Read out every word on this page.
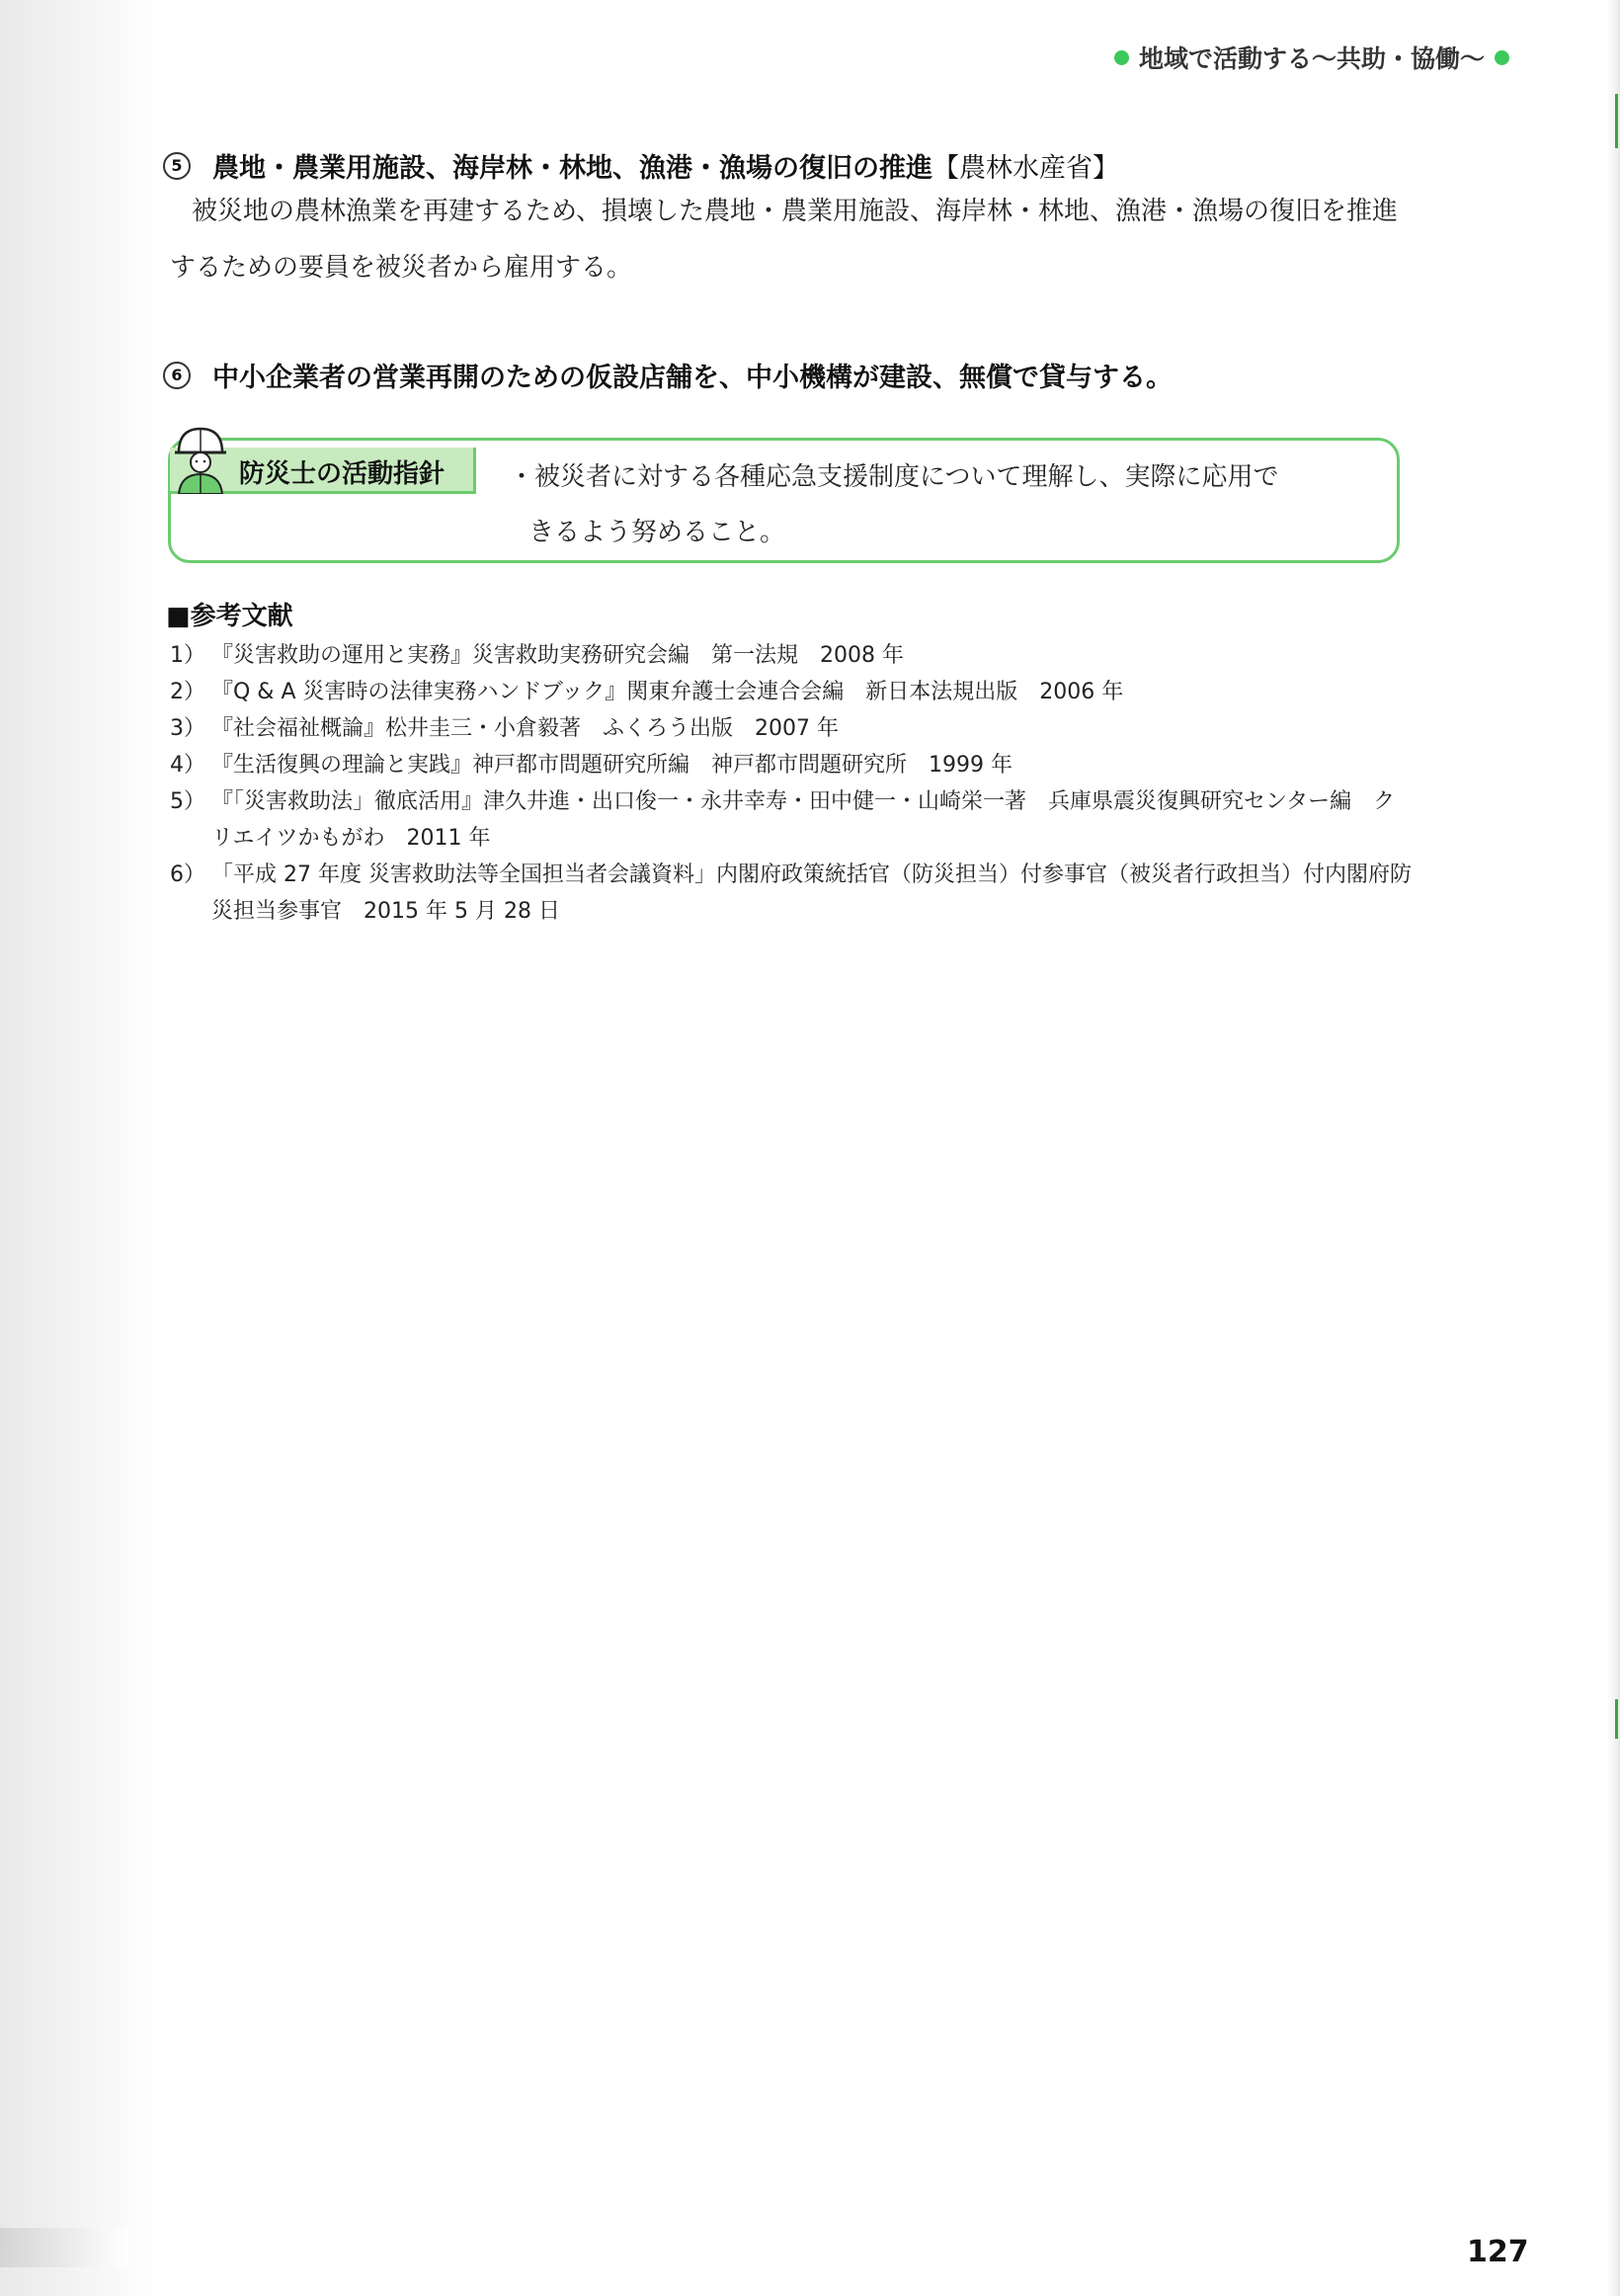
地域で活動する〜共助・協働〜
5	農地・農業用施設、海岸林・林地、漁港・漁場の復旧の推進 【農林水産省】

被災地の農林漁業を再建するため、損壊した農地・農業用施設、海岸林・林地、漁港・漁場の復旧を推進するための要員を被災者から雇用する。

6	中小企業者の営業再開のための仮設店舗を、中小機構が建設、無償で貸与する。
防災士の活動指針 ・被災者に対する各種応急支援制度について理解し、実際に応用で
きるよう努めること。
■参考文献
1） 『災害救助の運用と実務』災害救助実務研究会編　第一法規　2008 年
2） 『Q & A 災害時の法律実務ハンドブック』関東弁護士会連合会編　新日本法規出版　2006 年
3） 『社会福祉概論』松井圭三・小倉毅著　ふくろう出版　2007 年
4） 『生活復興の理論と実践』神戸都市問題研究所編　神戸都市問題研究所　1999 年
5） 『「災害救助法」徹底活用』津久井進・出口俊一・永井幸寿・田中健一・山崎栄一著　兵庫県震災復興研究センター編　クリエイツかもがわ　2011 年
6） 「平成 27 年度 災害救助法等全国担当者会議資料」内閣府政策統括官（防災担当）付参事官（被災者行政担当）付内閣府防災担当参事官　2015 年 5 月 28 日
127
